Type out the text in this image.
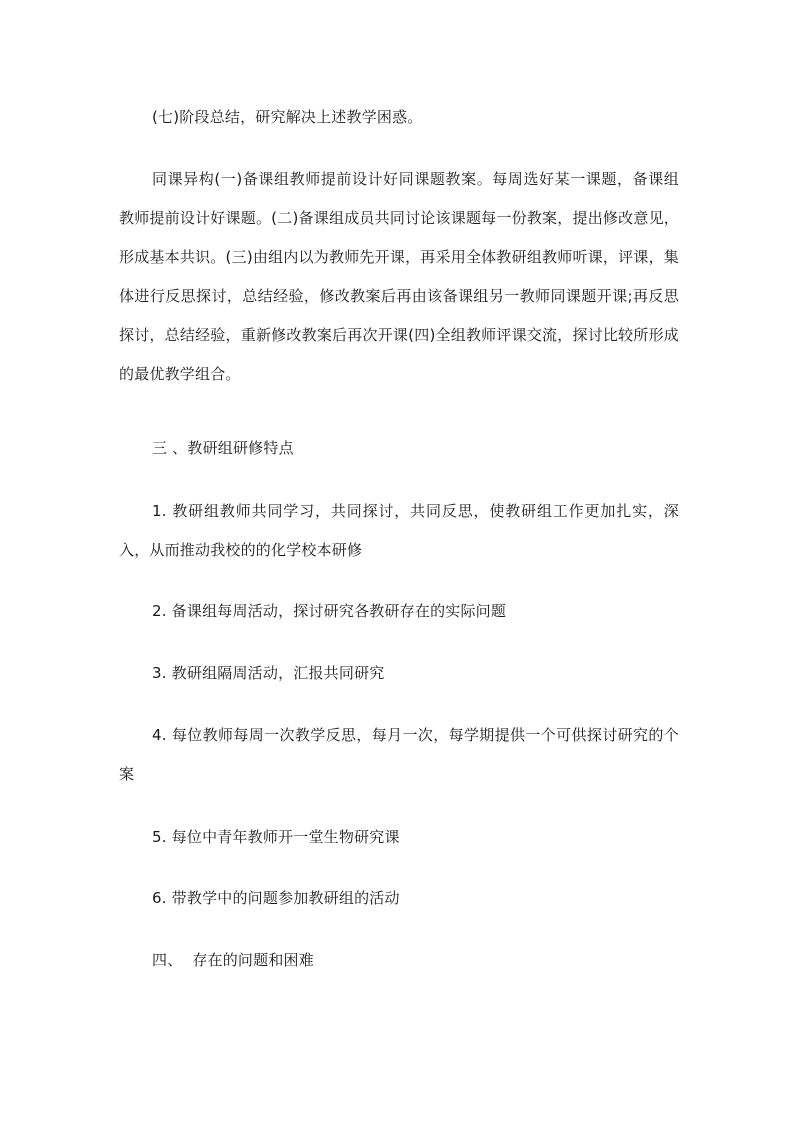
(七)阶段总结，研究解决上述教学困惑。

同课异构(一)备课组教师提前设计好同课题教案。每周选好某一课题，备课组教师提前设计好课题。(二)备课组成员共同讨论该课题每一份教案，提出修改意见，形成基本共识。(三)由组内以为教师先开课，再采用全体教研组教师听课，评课，集体进行反思探讨，总结经验，修改教案后再由该备课组另一教师同课题开课;再反思探讨，总结经验，重新修改教案后再次开课(四)全组教师评课交流，探讨比较所形成的最优教学组合。

三 、教研组研修特点

1. 教研组教师共同学习，共同探讨，共同反思，使教研组工作更加扎实，深入，从而推动我校的的化学校本研修

2. 备课组每周活动，探讨研究各教研存在的实际问题

3. 教研组隔周活动，汇报共同研究

4. 每位教师每周一次教学反思，每月一次，每学期提供一个可供探讨研究的个案

5. 每位中青年教师开一堂生物研究课

6. 带教学中的问题参加教研组的活动

四、  存在的问题和困难
